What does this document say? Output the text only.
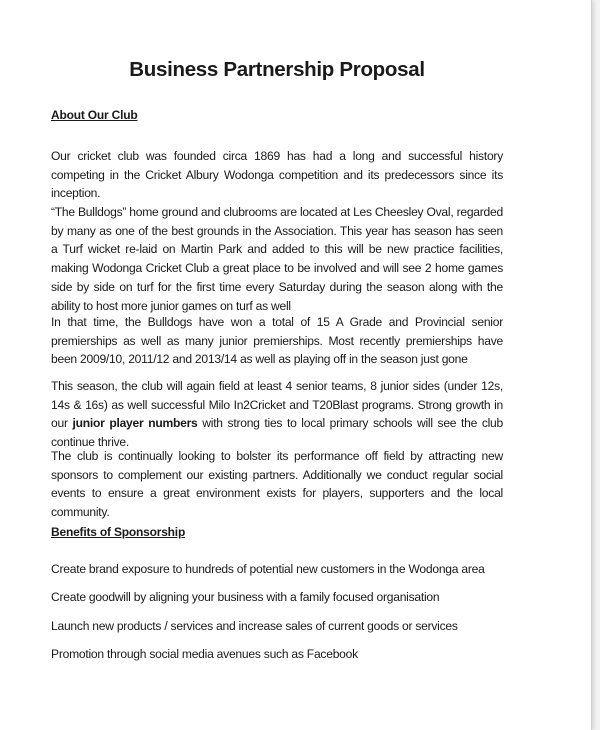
Business Partnership Proposal
About Our Club
Our cricket club was founded circa 1869 has had a long and successful history competing in the Cricket Albury Wodonga competition and its predecessors since its inception.
“The Bulldogs” home ground and clubrooms are located at Les Cheesley Oval, regarded by many as one of the best grounds in the Association. This year has season has seen a Turf wicket re-laid on Martin Park and added to this will be new practice facilities, making Wodonga Cricket Club a great place to be involved and will see 2 home games side by side on turf for the first time every Saturday during the season along with the ability to host more junior games on turf as well
In that time, the Bulldogs have won a total of 15 A Grade and Provincial senior premierships as well as many junior premierships. Most recently premierships have been 2009/10, 2011/12 and 2013/14 as well as playing off in the season just gone
This season, the club will again field at least 4 senior teams, 8 junior sides (under 12s, 14s & 16s) as well successful Milo In2Cricket and T20Blast programs. Strong growth in our junior player numbers with strong ties to local primary schools will see the club continue thrive.
The club is continually looking to bolster its performance off field by attracting new sponsors to complement our existing partners. Additionally we conduct regular social events to ensure a great environment exists for players, supporters and the local community.
Benefits of Sponsorship
Create brand exposure to hundreds of potential new customers in the Wodonga area
Create goodwill by aligning your business with a family focused organisation
Launch new products / services and increase sales of current goods or services
Promotion through social media avenues such as Facebook
